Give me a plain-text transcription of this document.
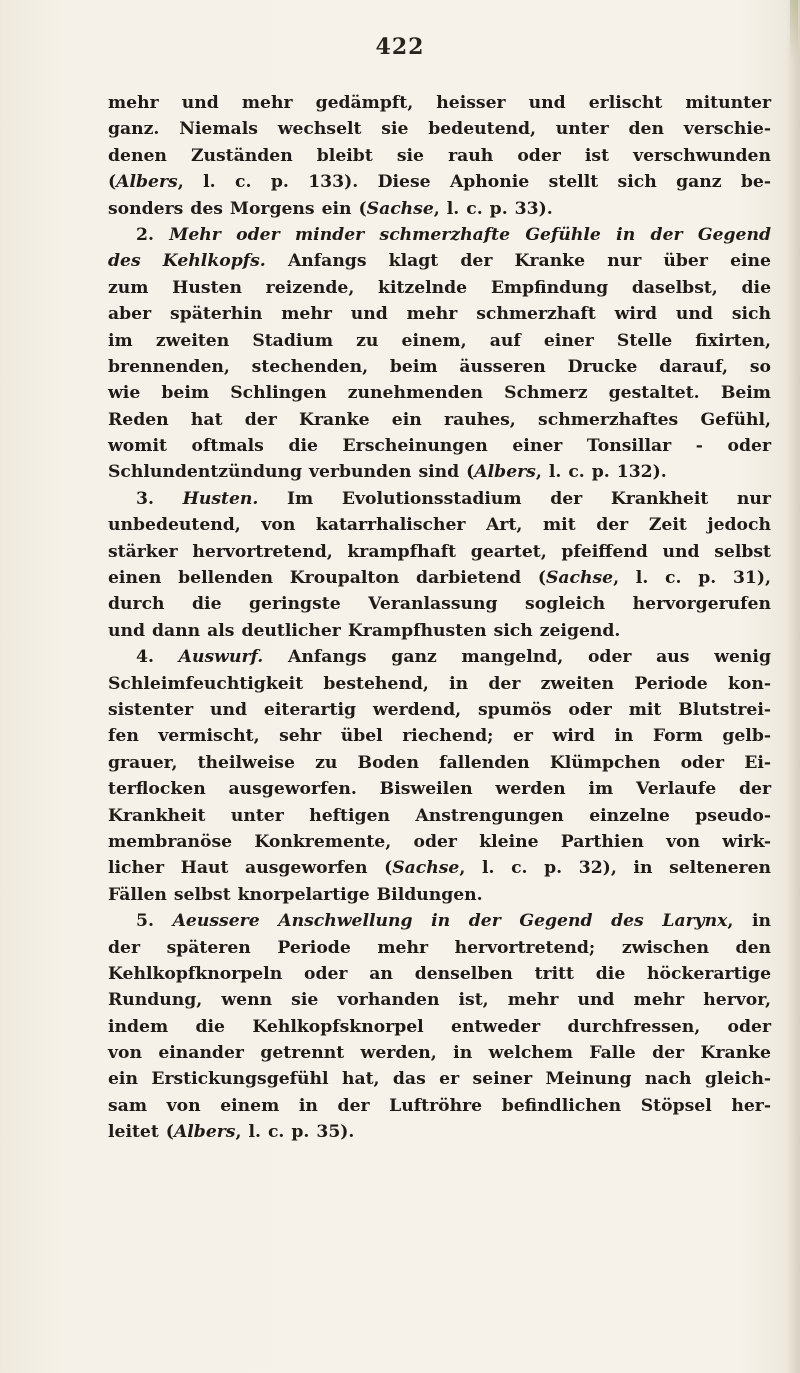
422
mehr und mehr gedämpft, heisser und erlischt mitunter
ganz. Niemals wechselt sie bedeutend, unter den verschie-
denen Zuständen bleibt sie rauh oder ist verschwunden
(Albers, l. c. p. 133). Diese Aphonie stellt sich ganz be-
sonders des Morgens ein (Sachse, l. c. p. 33).
2. Mehr oder minder schmerzhafte Gefühle in der Gegend
des Kehlkopfs. Anfangs klagt der Kranke nur über eine
zum Husten reizende, kitzelnde Empfindung daselbst, die
aber späterhin mehr und mehr schmerzhaft wird und sich
im zweiten Stadium zu einem, auf einer Stelle fixirten,
brennenden, stechenden, beim äusseren Drucke darauf, so
wie beim Schlingen zunehmenden Schmerz gestaltet. Beim
Reden hat der Kranke ein rauhes, schmerzhaftes Gefühl,
womit oftmals die Erscheinungen einer Tonsillar - oder
Schlundentzündung verbunden sind (Albers, l. c. p. 132).
3. Husten. Im Evolutionsstadium der Krankheit nur
unbedeutend, von katarrhalischer Art, mit der Zeit jedoch
stärker hervortretend, krampfhaft geartet, pfeiffend und selbst
einen bellenden Kroupalton darbietend (Sachse, l. c. p. 31),
durch die geringste Veranlassung sogleich hervorgerufen
und dann als deutlicher Krampfhusten sich zeigend.
4. Auswurf. Anfangs ganz mangelnd, oder aus wenig
Schleimfeuchtigkeit bestehend, in der zweiten Periode kon-
sistenter und eiterartig werdend, spumös oder mit Blutstrei-
fen vermischt, sehr übel riechend; er wird in Form gelb-
grauer, theilweise zu Boden fallenden Klümpchen oder Ei-
terflocken ausgeworfen. Bisweilen werden im Verlaufe der
Krankheit unter heftigen Anstrengungen einzelne pseudo-
membranöse Konkremente, oder kleine Parthien von wirk-
licher Haut ausgeworfen (Sachse, l. c. p. 32), in selteneren
Fällen selbst knorpelartige Bildungen.
5. Aeussere Anschwellung in der Gegend des Larynx, in
der späteren Periode mehr hervortretend; zwischen den
Kehlkopfknorpeln oder an denselben tritt die höckerartige
Rundung, wenn sie vorhanden ist, mehr und mehr hervor,
indem die Kehlkopfsknorpel entweder durchfressen, oder
von einander getrennt werden, in welchem Falle der Kranke
ein Erstickungsgefühl hat, das er seiner Meinung nach gleich-
sam von einem in der Luftröhre befindlichen Stöpsel her-
leitet (Albers, l. c. p. 35).
